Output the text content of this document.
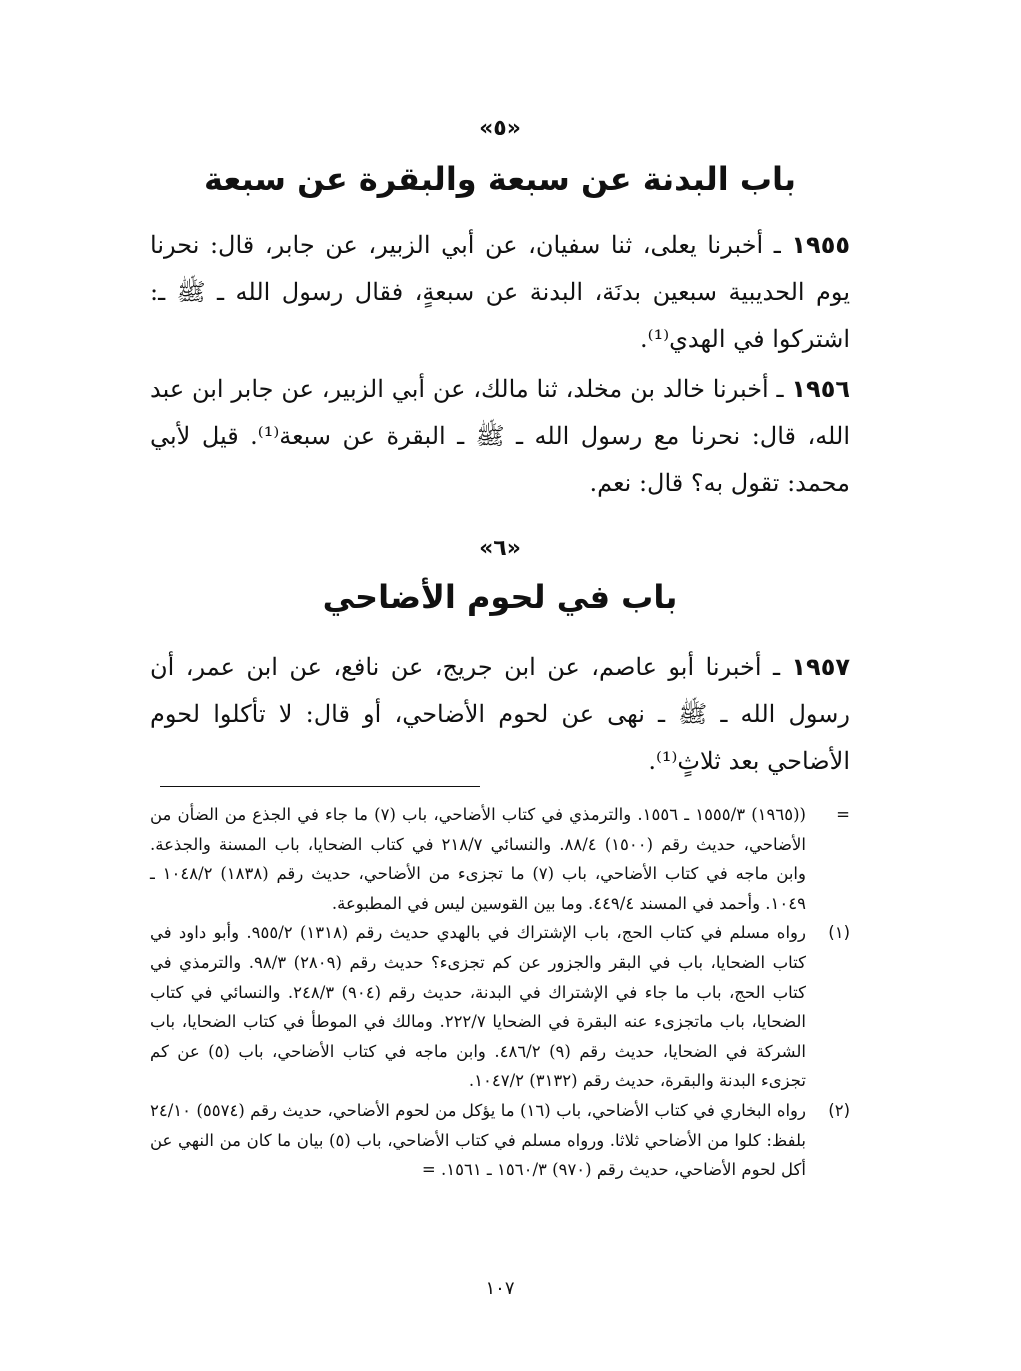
«٥»
باب البدنة عن سبعة والبقرة عن سبعة
١٩٥٥ ـ أخبرنا يعلى، ثنا سفيان، عن أبي الزبير، عن جابر، قال: نحرنا يوم الحديبية سبعين بدنَة، البدنة عن سبعةٍ، فقال رسول الله ـ ﷺ ـ: اشتركوا في الهدي⁽¹⁾.
١٩٥٦ ـ أخبرنا خالد بن مخلد، ثنا مالك، عن أبي الزبير، عن جابر ابن عبد الله، قال: نحرنا مع رسول الله ـ ﷺ ـ البقرة عن سبعة⁽¹⁾. قيل لأبي محمد: تقول به؟ قال: نعم.
«٦»
باب في لحوم الأضاحي
١٩٥٧ ـ أخبرنا أبو عاصم، عن ابن جريج، عن نافع، عن ابن عمر، أن رسول الله ـ ﷺ ـ نهى عن لحوم الأضاحي، أو قال: لا تأكلوا لحوم الأضاحي بعد ثلاثٍ⁽¹⁾.
=
((١٩٦٥) ١٥٥٥/٣ ـ ١٥٥٦. والترمذي في كتاب الأضاحي، باب (٧) ما جاء في الجذع من الضأن من الأضاحي، حديث رقم (١٥٠٠) ٨٨/٤. والنسائي ٢١٨/٧ في كتاب الضحايا، باب المسنة والجذعة. وابن ماجه في كتاب الأضاحي، باب (٧) ما تجزىء من الأضاحي، حديث رقم (١٨٣٨) ١٠٤٨/٢ ـ ١٠٤٩. وأحمد في المسند ٤٤٩/٤. وما بين القوسين ليس في المطبوعة.
(١)
رواه مسلم في كتاب الحج، باب الإشتراك في بالهدي حديث رقم (١٣١٨) ٩٥٥/٢. وأبو داود في كتاب الضحايا، باب في البقر والجزور عن كم تجزىء؟ حديث رقم (٢٨٠٩) ٩٨/٣. والترمذي في كتاب الحج، باب ما جاء في الإشتراك في البدنة، حديث رقم (٩٠٤) ٢٤٨/٣. والنسائي في كتاب الضحايا، باب ماتجزىء عنه البقرة في الضحايا ٢٢٢/٧. ومالك في الموطأ في كتاب الضحايا، باب الشركة في الضحايا، حديث رقم (٩) ٤٨٦/٢. وابن ماجه في كتاب الأضاحي، باب (٥) عن كم تجزىء البدنة والبقرة، حديث رقم (٣١٣٢) ١٠٤٧/٢.
(٢)
رواه البخاري في كتاب الأضاحي، باب (١٦) ما يؤكل من لحوم الأضاحي، حديث رقم (٥٥٧٤) ٢٤/١٠ بلفظ: كلوا من الأضاحي ثلاثا. ورواه مسلم في كتاب الأضاحي، باب (٥) بيان ما كان من النهي عن أكل لحوم الأضاحي، حديث رقم (٩٧٠) ١٥٦٠/٣ ـ ١٥٦١. =
١٠٧
